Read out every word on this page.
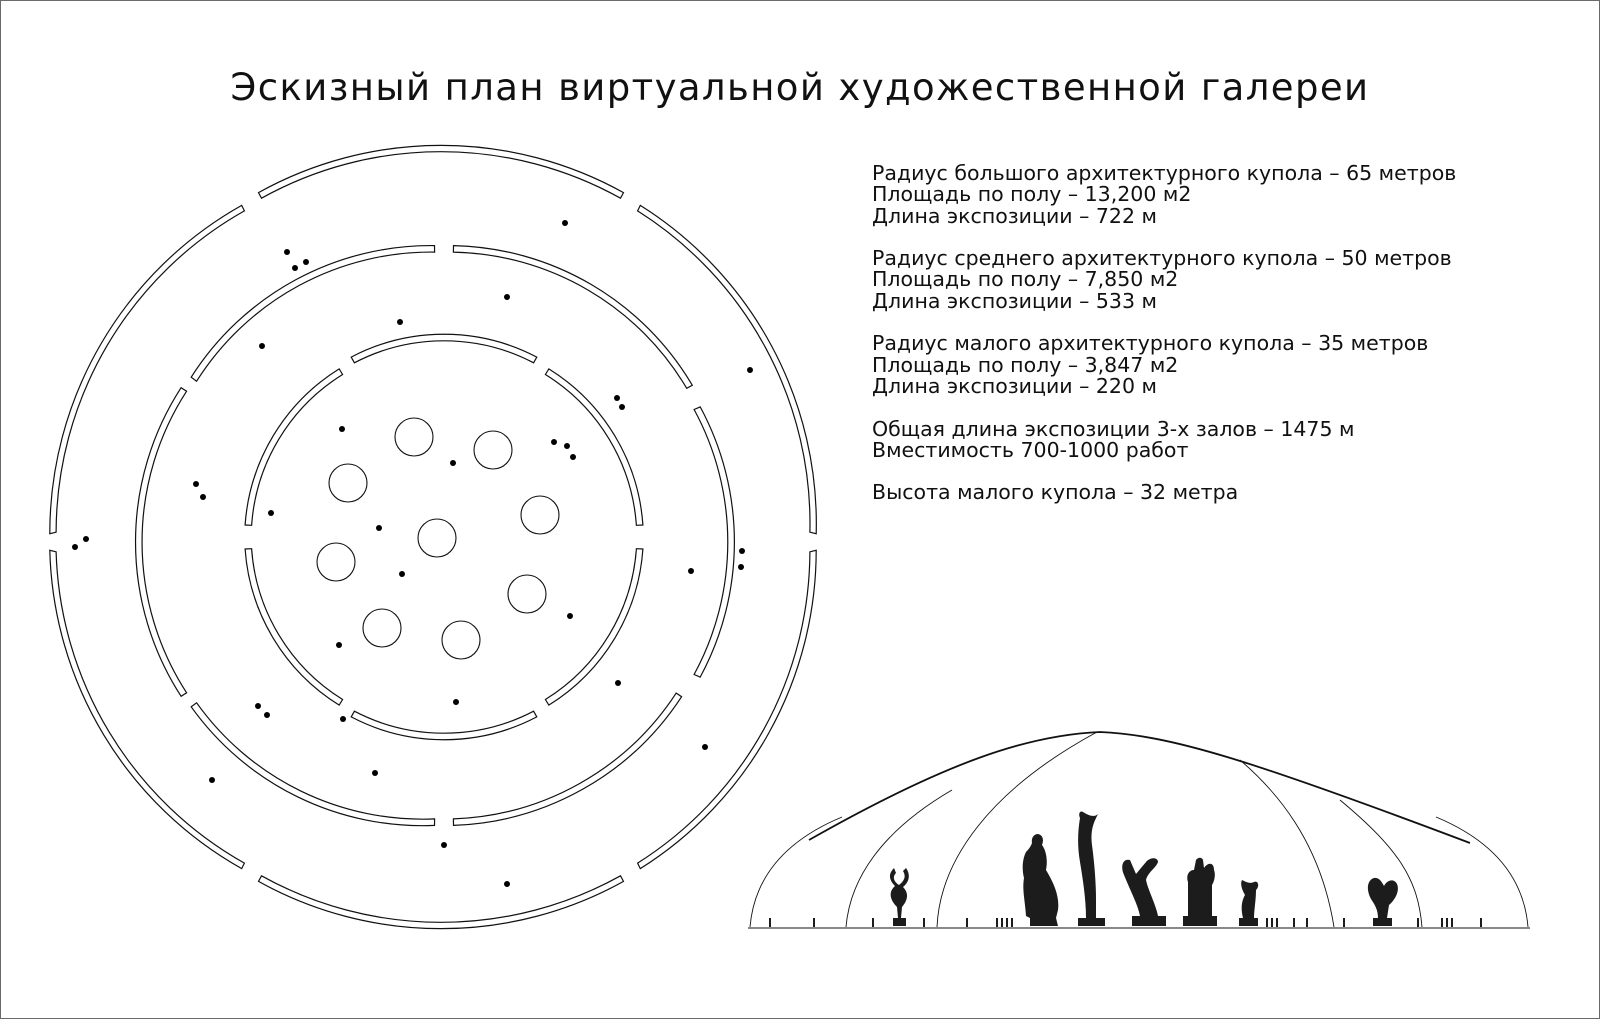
Эскизный план виртуальной художественной галереи
Радиус большого архитектурного купола – 65 метров
Площадь по полу – 13,200 м2
Длина экспозиции – 722 м
Радиус среднего архитектурного купола – 50 метров
Площадь по полу – 7,850 м2
Длина экспозиции – 533 м
Радиус малого архитектурного купола – 35 метров
Площадь по полу – 3,847 м2
Длина экспозиции – 220 м
Общая длина экспозиции 3-х залов – 1475 м
Вместимость 700-1000 работ
Высота малого купола – 32 метра
